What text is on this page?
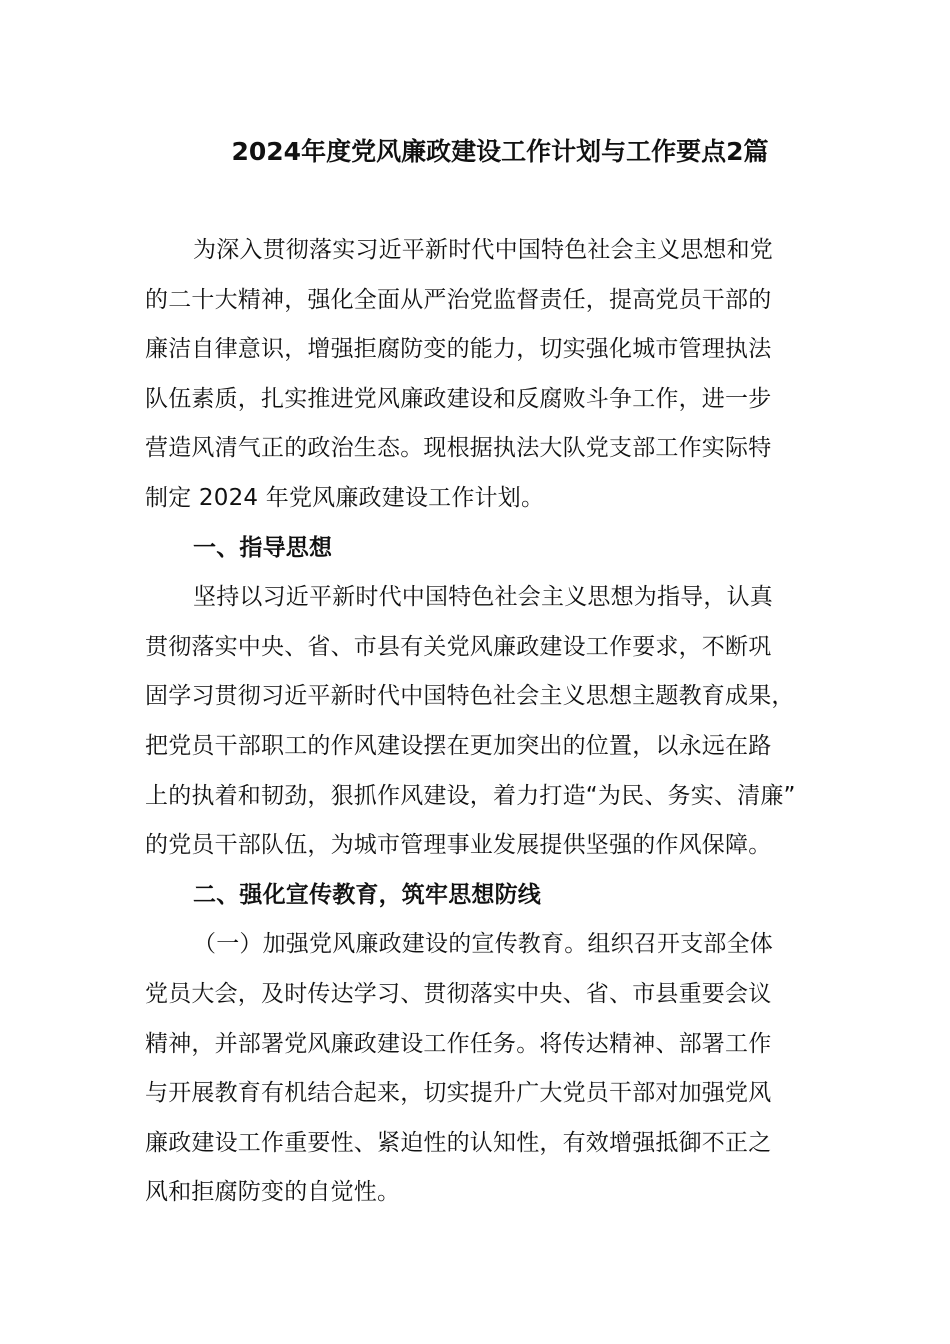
2024年度党风廉政建设工作计划与工作要点2篇
为深入贯彻落实习近平新时代中国特色社会主义思想和党
的二十大精神，强化全面从严治党监督责任，提高党员干部的
廉洁自律意识，增强拒腐防变的能力，切实强化城市管理执法
队伍素质，扎实推进党风廉政建设和反腐败斗争工作，进一步
营造风清气正的政治生态。现根据执法大队党支部工作实际特
制定 2024 年党风廉政建设工作计划。
一、指导思想
坚持以习近平新时代中国特色社会主义思想为指导，认真
贯彻落实中央、省、市县有关党风廉政建设工作要求，不断巩
固学习贯彻习近平新时代中国特色社会主义思想主题教育成果，
把党员干部职工的作风建设摆在更加突出的位置，以永远在路
上的执着和韧劲，狠抓作风建设，着力打造“为民、务实、清廉”
的党员干部队伍，为城市管理事业发展提供坚强的作风保障。
二、强化宣传教育，筑牢思想防线
（一）加强党风廉政建设的宣传教育。组织召开支部全体
党员大会，及时传达学习、贯彻落实中央、省、市县重要会议
精神，并部署党风廉政建设工作任务。将传达精神、部署工作
与开展教育有机结合起来，切实提升广大党员干部对加强党风
廉政建设工作重要性、紧迫性的认知性，有效增强抵御不正之
风和拒腐防变的自觉性。
